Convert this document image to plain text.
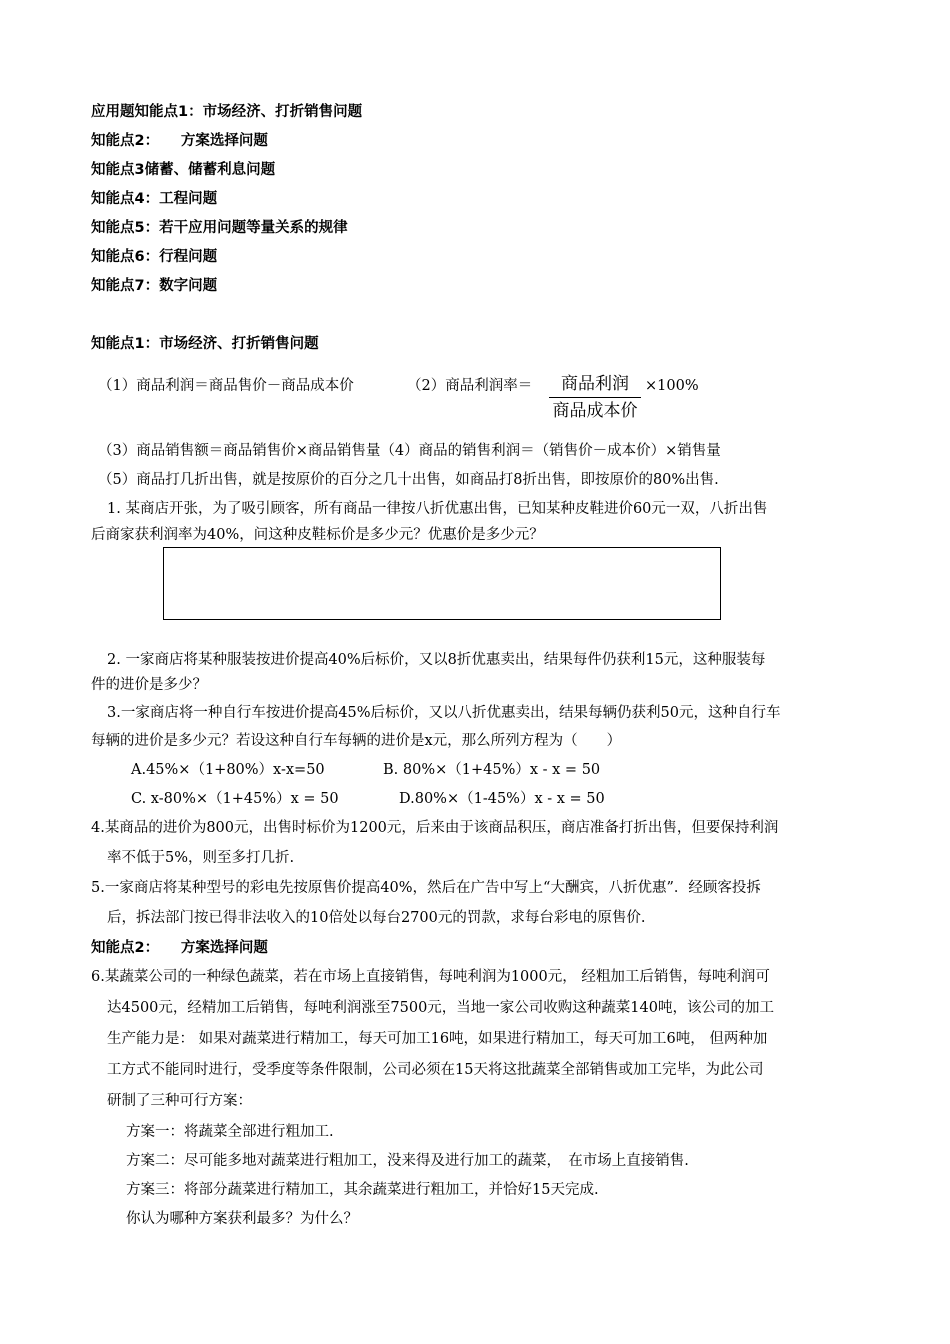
应用题知能点1：市场经济、打折销售问题
知能点2：　　方案选择问题
知能点3储蓄、储蓄利息问题
知能点4：工程问题
知能点5：若干应用问题等量关系的规律
知能点6：行程问题
知能点7：数字问题
知能点1：市场经济、打折销售问题
（1）商品利润＝商品售价－商品成本价	（2）商品利润率＝	商品利润
商品成本价
×100%
（3）商品销售额＝商品销售价×商品销售量（4）商品的销售利润＝（销售价－成本价）×销售量
（5）商品打几折出售，就是按原价的百分之几十出售，如商品打8折出售，即按原价的80%出售.
1. 某商店开张，为了吸引顾客，所有商品一律按八折优惠出售，已知某种皮鞋进价60元一双，八折出售
后商家获利润率为40%，问这种皮鞋标价是多少元？优惠价是多少元？
2. 一家商店将某种服装按进价提高40%后标价，又以8折优惠卖出，结果每件仍获利15元，这种服装每
件的进价是多少？
3.一家商店将一种自行车按进价提高45%后标价，又以八折优惠卖出，结果每辆仍获利50元，这种自行车
每辆的进价是多少元？若设这种自行车每辆的进价是x元，那么所列方程为（　　）
A.45%×（1+80%）x-x=50	B. 80%×（1+45%）x - x = 50
C. x-80%×（1+45%）x = 50	D.80%×（1-45%）x - x = 50
4.某商品的进价为800元，出售时标价为1200元，后来由于该商品积压，商店准备打折出售，但要保持利润
率不低于5%，则至多打几折.
5.一家商店将某种型号的彩电先按原售价提高40%，然后在广告中写上“大酬宾，八折优惠”．经顾客投拆
后，拆法部门按已得非法收入的10倍处以每台2700元的罚款，求每台彩电的原售价.
知能点2：　　方案选择问题
6.某蔬菜公司的一种绿色蔬菜，若在市场上直接销售，每吨利润为1000元， 经粗加工后销售，每吨利润可
达4500元，经精加工后销售，每吨利润涨至7500元，当地一家公司收购这种蔬菜140吨，该公司的加工
生产能力是： 如果对蔬菜进行精加工，每天可加工16吨，如果进行精加工，每天可加工6吨， 但两种加
工方式不能同时进行，受季度等条件限制，公司必须在15天将这批蔬菜全部销售或加工完毕，为此公司
研制了三种可行方案：
方案一：将蔬菜全部进行粗加工.
方案二：尽可能多地对蔬菜进行粗加工，没来得及进行加工的蔬菜，　在市场上直接销售.
方案三：将部分蔬菜进行精加工，其余蔬菜进行粗加工，并恰好15天完成.
你认为哪种方案获利最多？为什么？
